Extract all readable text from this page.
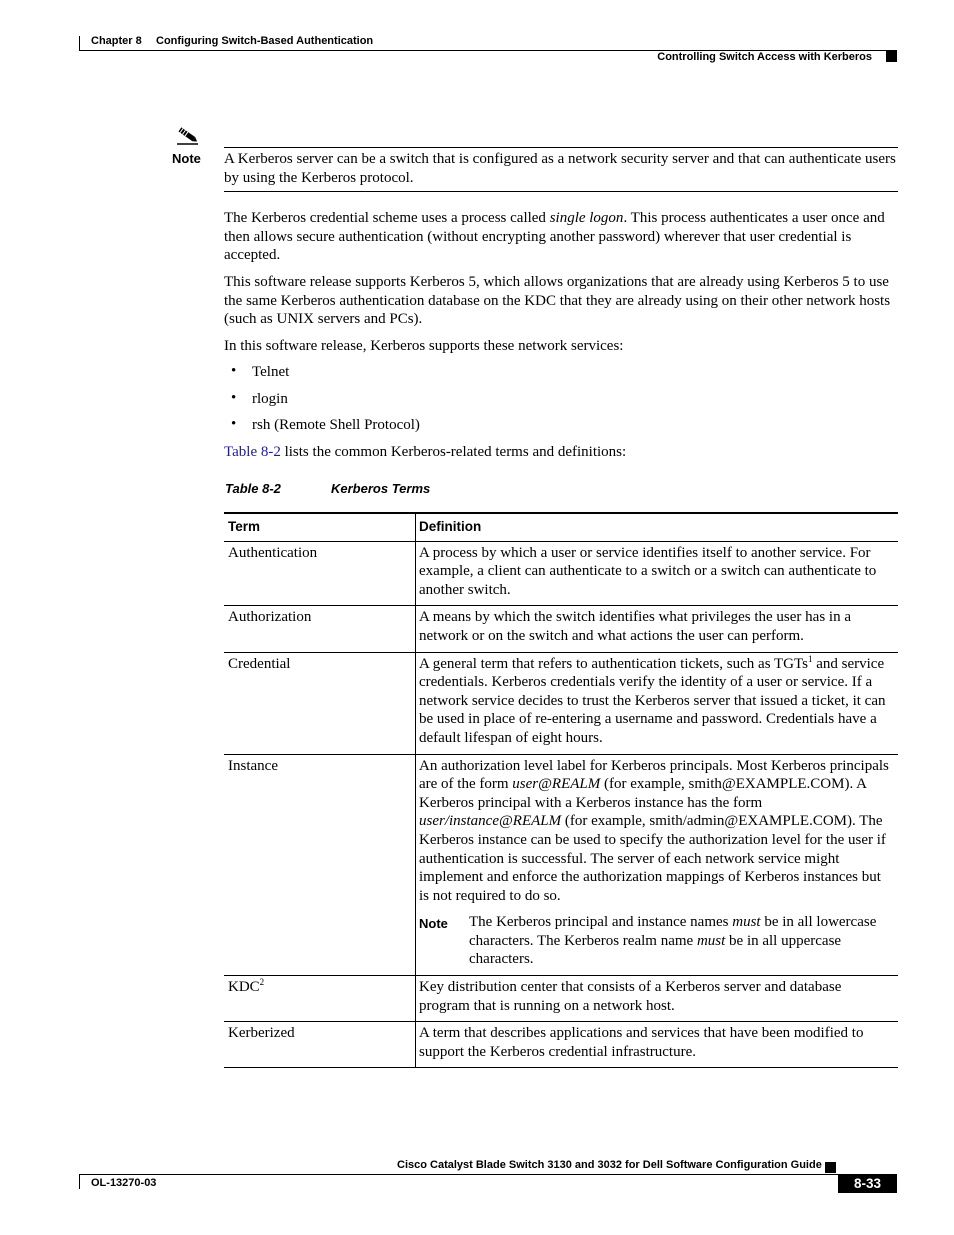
Chapter 8 Configuring Switch-Based Authentication
Controlling Switch Access with Kerberos
Note A Kerberos server can be a switch that is configured as a network security server and that can authenticate users by using the Kerberos protocol.
The Kerberos credential scheme uses a process called single logon. This process authenticates a user once and then allows secure authentication (without encrypting another password) wherever that user credential is accepted.
This software release supports Kerberos 5, which allows organizations that are already using Kerberos 5 to use the same Kerberos authentication database on the KDC that they are already using on their other network hosts (such as UNIX servers and PCs).
In this software release, Kerberos supports these network services:
• Telnet
• rlogin
• rsh (Remote Shell Protocol)
Table 8-2 lists the common Kerberos-related terms and definitions:
Table 8-2	Kerberos Terms
Term	Definition
Authentication	A process by which a user or service identifies itself to another service. For example, a client can authenticate to a switch or a switch can authenticate to another switch.
Authorization	A means by which the switch identifies what privileges the user has in a network or on the switch and what actions the user can perform.
Credential	A general term that refers to authentication tickets, such as TGTs$^1$ and service credentials. Kerberos credentials verify the identity of a user or service. If a network service decides to trust the Kerberos server that issued a ticket, it can be used in place of re-entering a username and password. Credentials have a default lifespan of eight hours.
Instance	An authorization level label for Kerberos principals. Most Kerberos principals are of the form user@REALM (for example, smith@EXAMPLE.COM). A Kerberos principal with a Kerberos instance has the form user/instance@REALM (for example, smith/admin@EXAMPLE.COM). The Kerberos instance can be used to specify the authorization level for the user if authentication is successful. The server of each network service might implement and enforce the authorization mappings of Kerberos instances but is not required to do so.
Note The Kerberos principal and instance names must be in all lowercase characters. The Kerberos realm name must be in all uppercase characters.

KDC$^2$	Key distribution center that consists of a Kerberos server and database program that is running on a network host.
Kerberized	A term that describes applications and services that have been modified to support the Kerberos credential infrastructure.
Cisco Catalyst Blade Switch 3130 and 3032 for Dell Software Configuration Guide
OL-13270-03	8-33
